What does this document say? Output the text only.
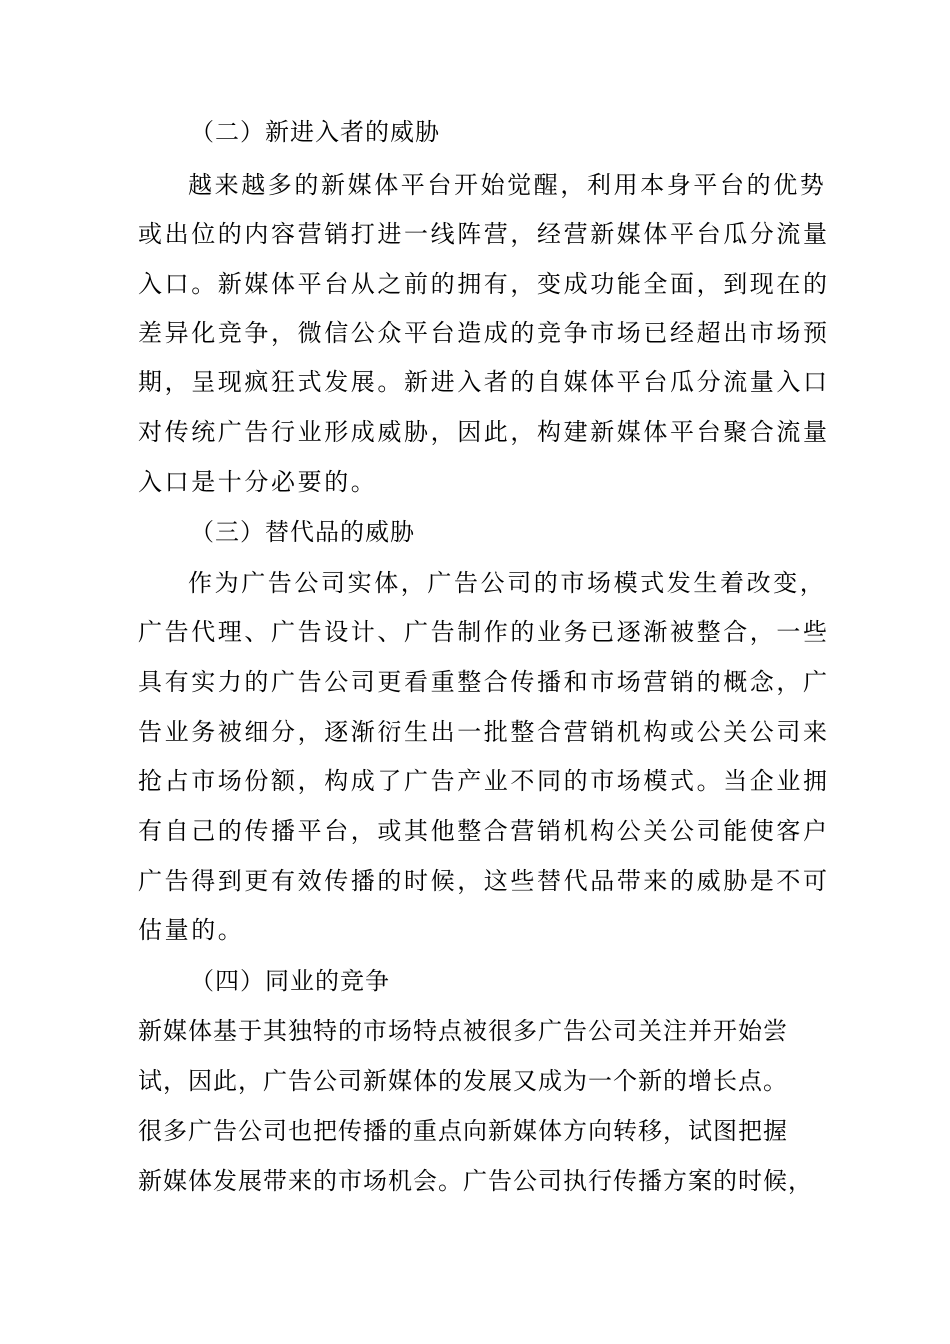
（二）新进入者的威胁
越来越多的新媒体平台开始觉醒，利用本身平台的优势
或出位的内容营销打进一线阵营，经营新媒体平台瓜分流量
入口。新媒体平台从之前的拥有，变成功能全面，到现在的
差异化竞争，微信公众平台造成的竞争市场已经超出市场预
期，呈现疯狂式发展。新进入者的自媒体平台瓜分流量入口
对传统广告行业形成威胁，因此，构建新媒体平台聚合流量
入口是十分必要的。
（三）替代品的威胁
作为广告公司实体，广告公司的市场模式发生着改变，
广告代理、广告设计、广告制作的业务已逐渐被整合，一些
具有实力的广告公司更看重整合传播和市场营销的概念，广
告业务被细分，逐渐衍生出一批整合营销机构或公关公司来
抢占市场份额，构成了广告产业不同的市场模式。当企业拥
有自己的传播平台，或其他整合营销机构公关公司能使客户
广告得到更有效传播的时候，这些替代品带来的威胁是不可
估量的。
（四）同业的竞争
新媒体基于其独特的市场特点被很多广告公司关注并开始尝
试，因此，广告公司新媒体的发展又成为一个新的增长点。
很多广告公司也把传播的重点向新媒体方向转移，试图把握
新媒体发展带来的市场机会。广告公司执行传播方案的时候，
